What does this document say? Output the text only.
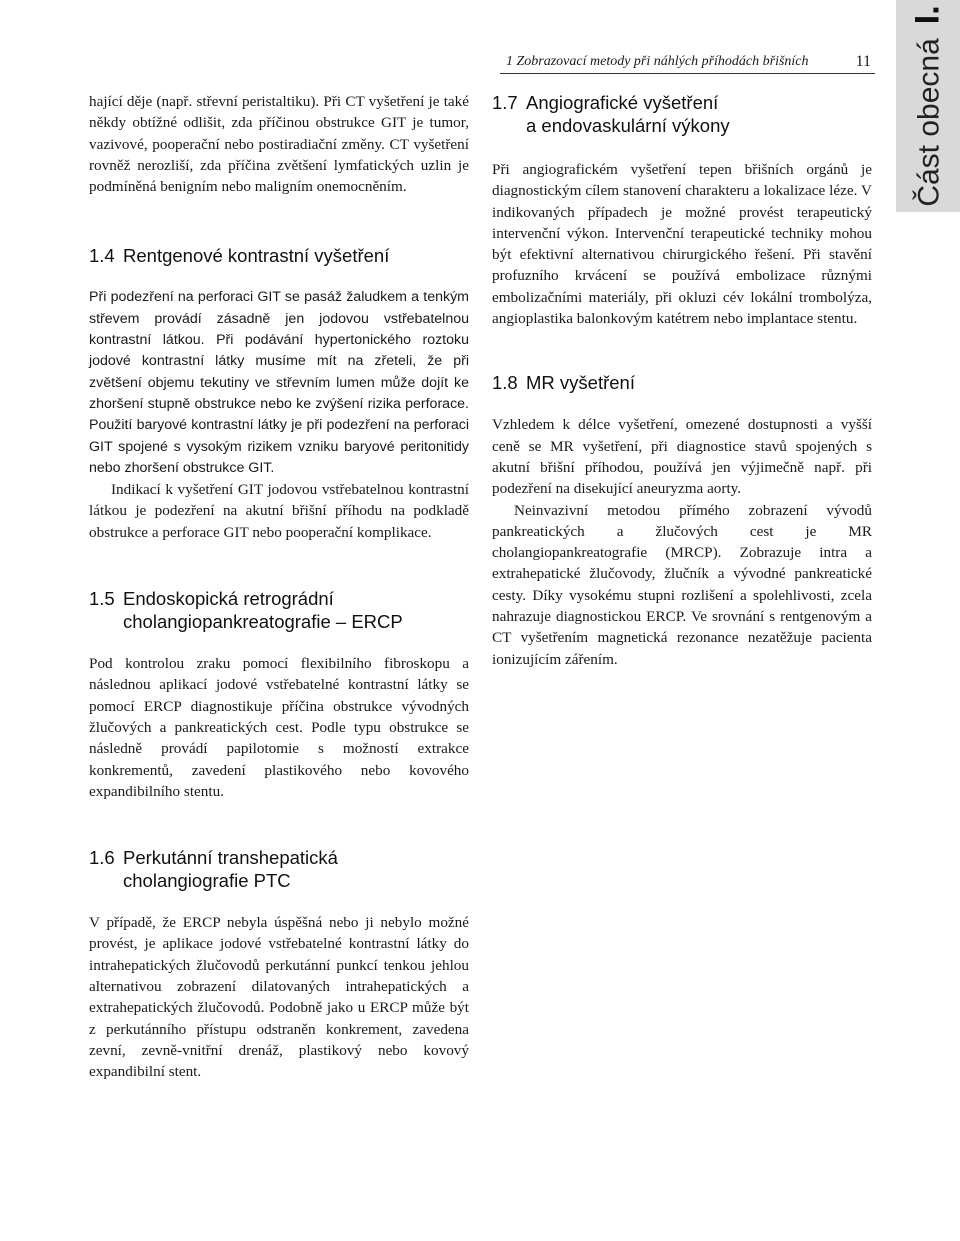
1 Zobrazovací metody při náhlých příhodách břišních	11 Část obecná
I.

hající děje (např. střevní peristaltiku). Při CT vyšetření je také někdy obtížné odlišit, zda příčinou obstrukce GIT je tumor, vazivové, pooperační nebo postiradiační změny. CT vyšetření rovněž nerozliší, zda příčina zvětšení lymfatických uzlin je podmíněná benigním nebo maligním onemocněním.

1.4 Rentgenové kontrastní vyšetření

Při podezření na perforaci GIT se pasáž žaludkem a tenkým střevem provádí zásadně jen jodovou vstřebatelnou kontrastní látkou. Při podávání hypertonického roztoku jodové kontrastní látky musíme mít na zřeteli, že při zvětšení objemu tekutiny ve střevním lumen může dojít ke zhoršení stupně obstrukce nebo ke zvýšení rizika perforace. Použití baryové kontrastní látky je při podezření na perforaci GIT spojené s vysokým rizikem vzniku baryové peritonitidy nebo zhoršení obstrukce GIT.

Indikací k vyšetření GIT jodovou vstřebatelnou kontrastní látkou je podezření na akutní břišní příhodu na podkladě obstrukce a perforace GIT nebo pooperační komplikace.

1.5 Endoskopická retrográdní
cholangiopankreatografie – ERCP

Pod kontrolou zraku pomocí flexibilního fibroskopu a následnou aplikací jodové vstřebatelné kontrastní látky se pomocí ERCP diagnostikuje příčina obstrukce vývodných žlučových a pankreatických cest. Podle typu obstrukce se následně provádí papilotomie s možností extrakce konkrementů, zavedení plastikového nebo kovového expandibilního stentu.

1.6 Perkutánní transhepatická
cholangiografie PTC

V případě, že ERCP nebyla úspěšná nebo ji nebylo možné provést, je aplikace jodové vstřebatelné kontrastní látky do intrahepatických žlučovodů perkutánní punkcí tenkou jehlou alternativou zobrazení dilatovaných intrahepatických a extrahepatických žlučovodů. Podobně jako u ERCP může být z perkutánního přístupu odstraněn konkrement, zavedena zevní, zevně-vnitřní drenáž, plastikový nebo kovový expandibilní stent.

1.7 Angiografické vyšetření
a endovaskulární výkony

Při angiografickém vyšetření tepen břišních orgánů je diagnostickým cílem stanovení charakteru a lokalizace léze. V indikovaných případech je možné provést terapeutický intervenční výkon. Intervenční terapeutické techniky mohou být efektivní alternativou chirurgického řešení. Při stavění profuzního krvácení se používá embolizace různými embolizačními materiály, při okluzi cév lokální trombolýza, angioplastika balonkovým katétrem nebo implantace stentu.

1.8 MR vyšetření

Vzhledem k délce vyšetření, omezené dostupnosti a vyšší ceně se MR vyšetření, při diagnostice stavů spojených s akutní břišní příhodou, používá jen výjimečně např. při podezření na disekující aneuryzma aorty.

Neinvazivní metodou přímého zobrazení vývodů pankreatických a žlučových cest je MR cholangiopankreatografie (MRCP). Zobrazuje intra a extrahepatické žlučovody, žlučník a vývodné pankreatické cesty. Díky vysokému stupni rozlišení a spolehlivosti, zcela nahrazuje diagnostickou ERCP. Ve srovnání s rentgenovým a CT vyšetřením magnetická rezonance nezatěžuje pacienta ionizujícím zářením.
